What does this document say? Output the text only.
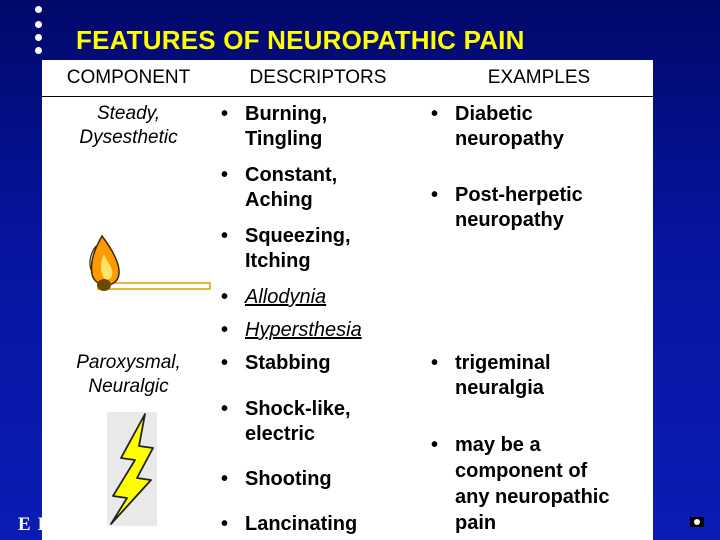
FEATURES OF NEUROPATHIC PAIN
COMPONENT	DESCRIPTORS	EXAMPLES
Steady,
Dysesthetic
• Burning,
Tingling
• Constant,
Aching
• Squeezing,
Itching
• Allodynia
• Hypersthesia
• Diabetic
neuropathy
• Post-herpetic
neuropathy
Paroxysmal,
Neuralgic
• Stabbing
• Shock-like,
electric
• Shooting
• Lancinating
• trigeminal
neuralgia
• may be a
component of
any neuropathic
pain
E I
